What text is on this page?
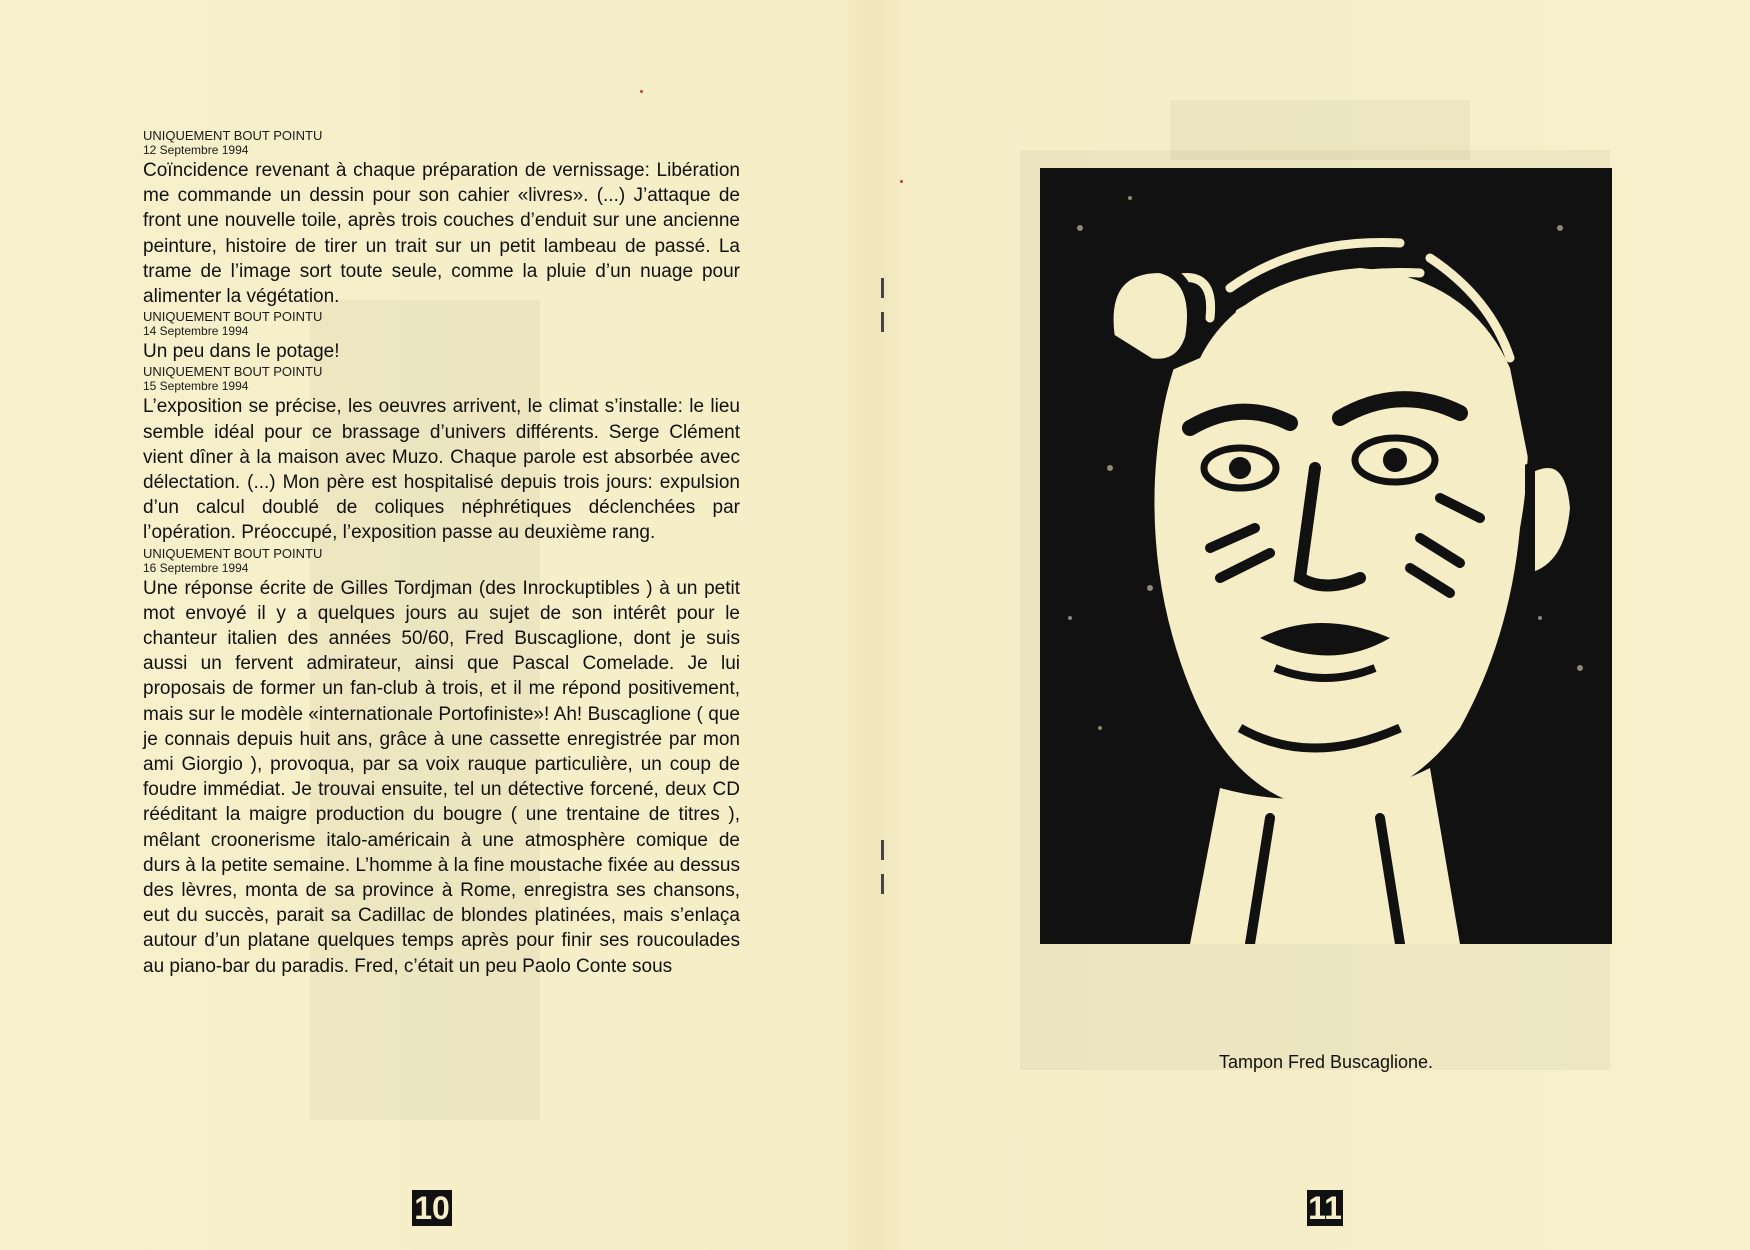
UNIQUEMENT BOUT POINTU
12 Septembre 1994

Coïncidence revenant à chaque préparation de vernissage: Libération me commande un dessin pour son cahier «livres». (...) J’attaque de front une nouvelle toile, après trois couches d’enduit sur une ancienne peinture, histoire de tirer un trait sur un petit lambeau de passé. La trame de l’image sort toute seule, comme la pluie d’un nuage pour alimenter la végétation.

UNIQUEMENT BOUT POINTU
14 Septembre 1994

Un peu dans le potage!

UNIQUEMENT BOUT POINTU
15 Septembre 1994

L’exposition se précise, les oeuvres arrivent, le climat s’installe: le lieu semble idéal pour ce brassage d’univers différents. Serge Clément vient dîner à la maison avec Muzo. Chaque parole est absorbée avec délectation. (...) Mon père est hospitalisé depuis trois jours: expulsion d’un calcul doublé de coliques néphrétiques déclenchées par l’opération. Préoccupé, l’exposition passe au deuxième rang.

UNIQUEMENT BOUT POINTU
16 Septembre 1994

Une réponse écrite de Gilles Tordjman (des Inrockuptibles ) à un petit mot envoyé il y a quelques jours au sujet de son intérêt pour le chanteur italien des années 50/60, Fred Buscaglione, dont je suis aussi un fervent admirateur, ainsi que Pascal Comelade. Je lui proposais de former un fan-club à trois, et il me répond positivement, mais sur le modèle «internationale Portofiniste»! Ah! Buscaglione ( que je connais depuis huit ans, grâce à une cassette enregistrée par mon ami Giorgio ), provoqua, par sa voix rauque particulière, un coup de foudre immédiat. Je trouvai ensuite, tel un détective forcené, deux CD rééditant la maigre production du bougre ( une trentaine de titres ), mêlant croonerisme italo-américain à une atmosphère comique de durs à la petite semaine. L’homme à la fine moustache fixée au dessus des lèvres, monta de sa province à Rome, enregistra ses chansons, eut du succès, parait sa Cadillac de blondes platinées, mais s’enlaça autour d’un platane quelques temps après pour finir ses roucoulades au piano-bar du paradis. Fred, c’était un peu Paolo Conte sous

10
Tampon Fred Buscaglione.
11
